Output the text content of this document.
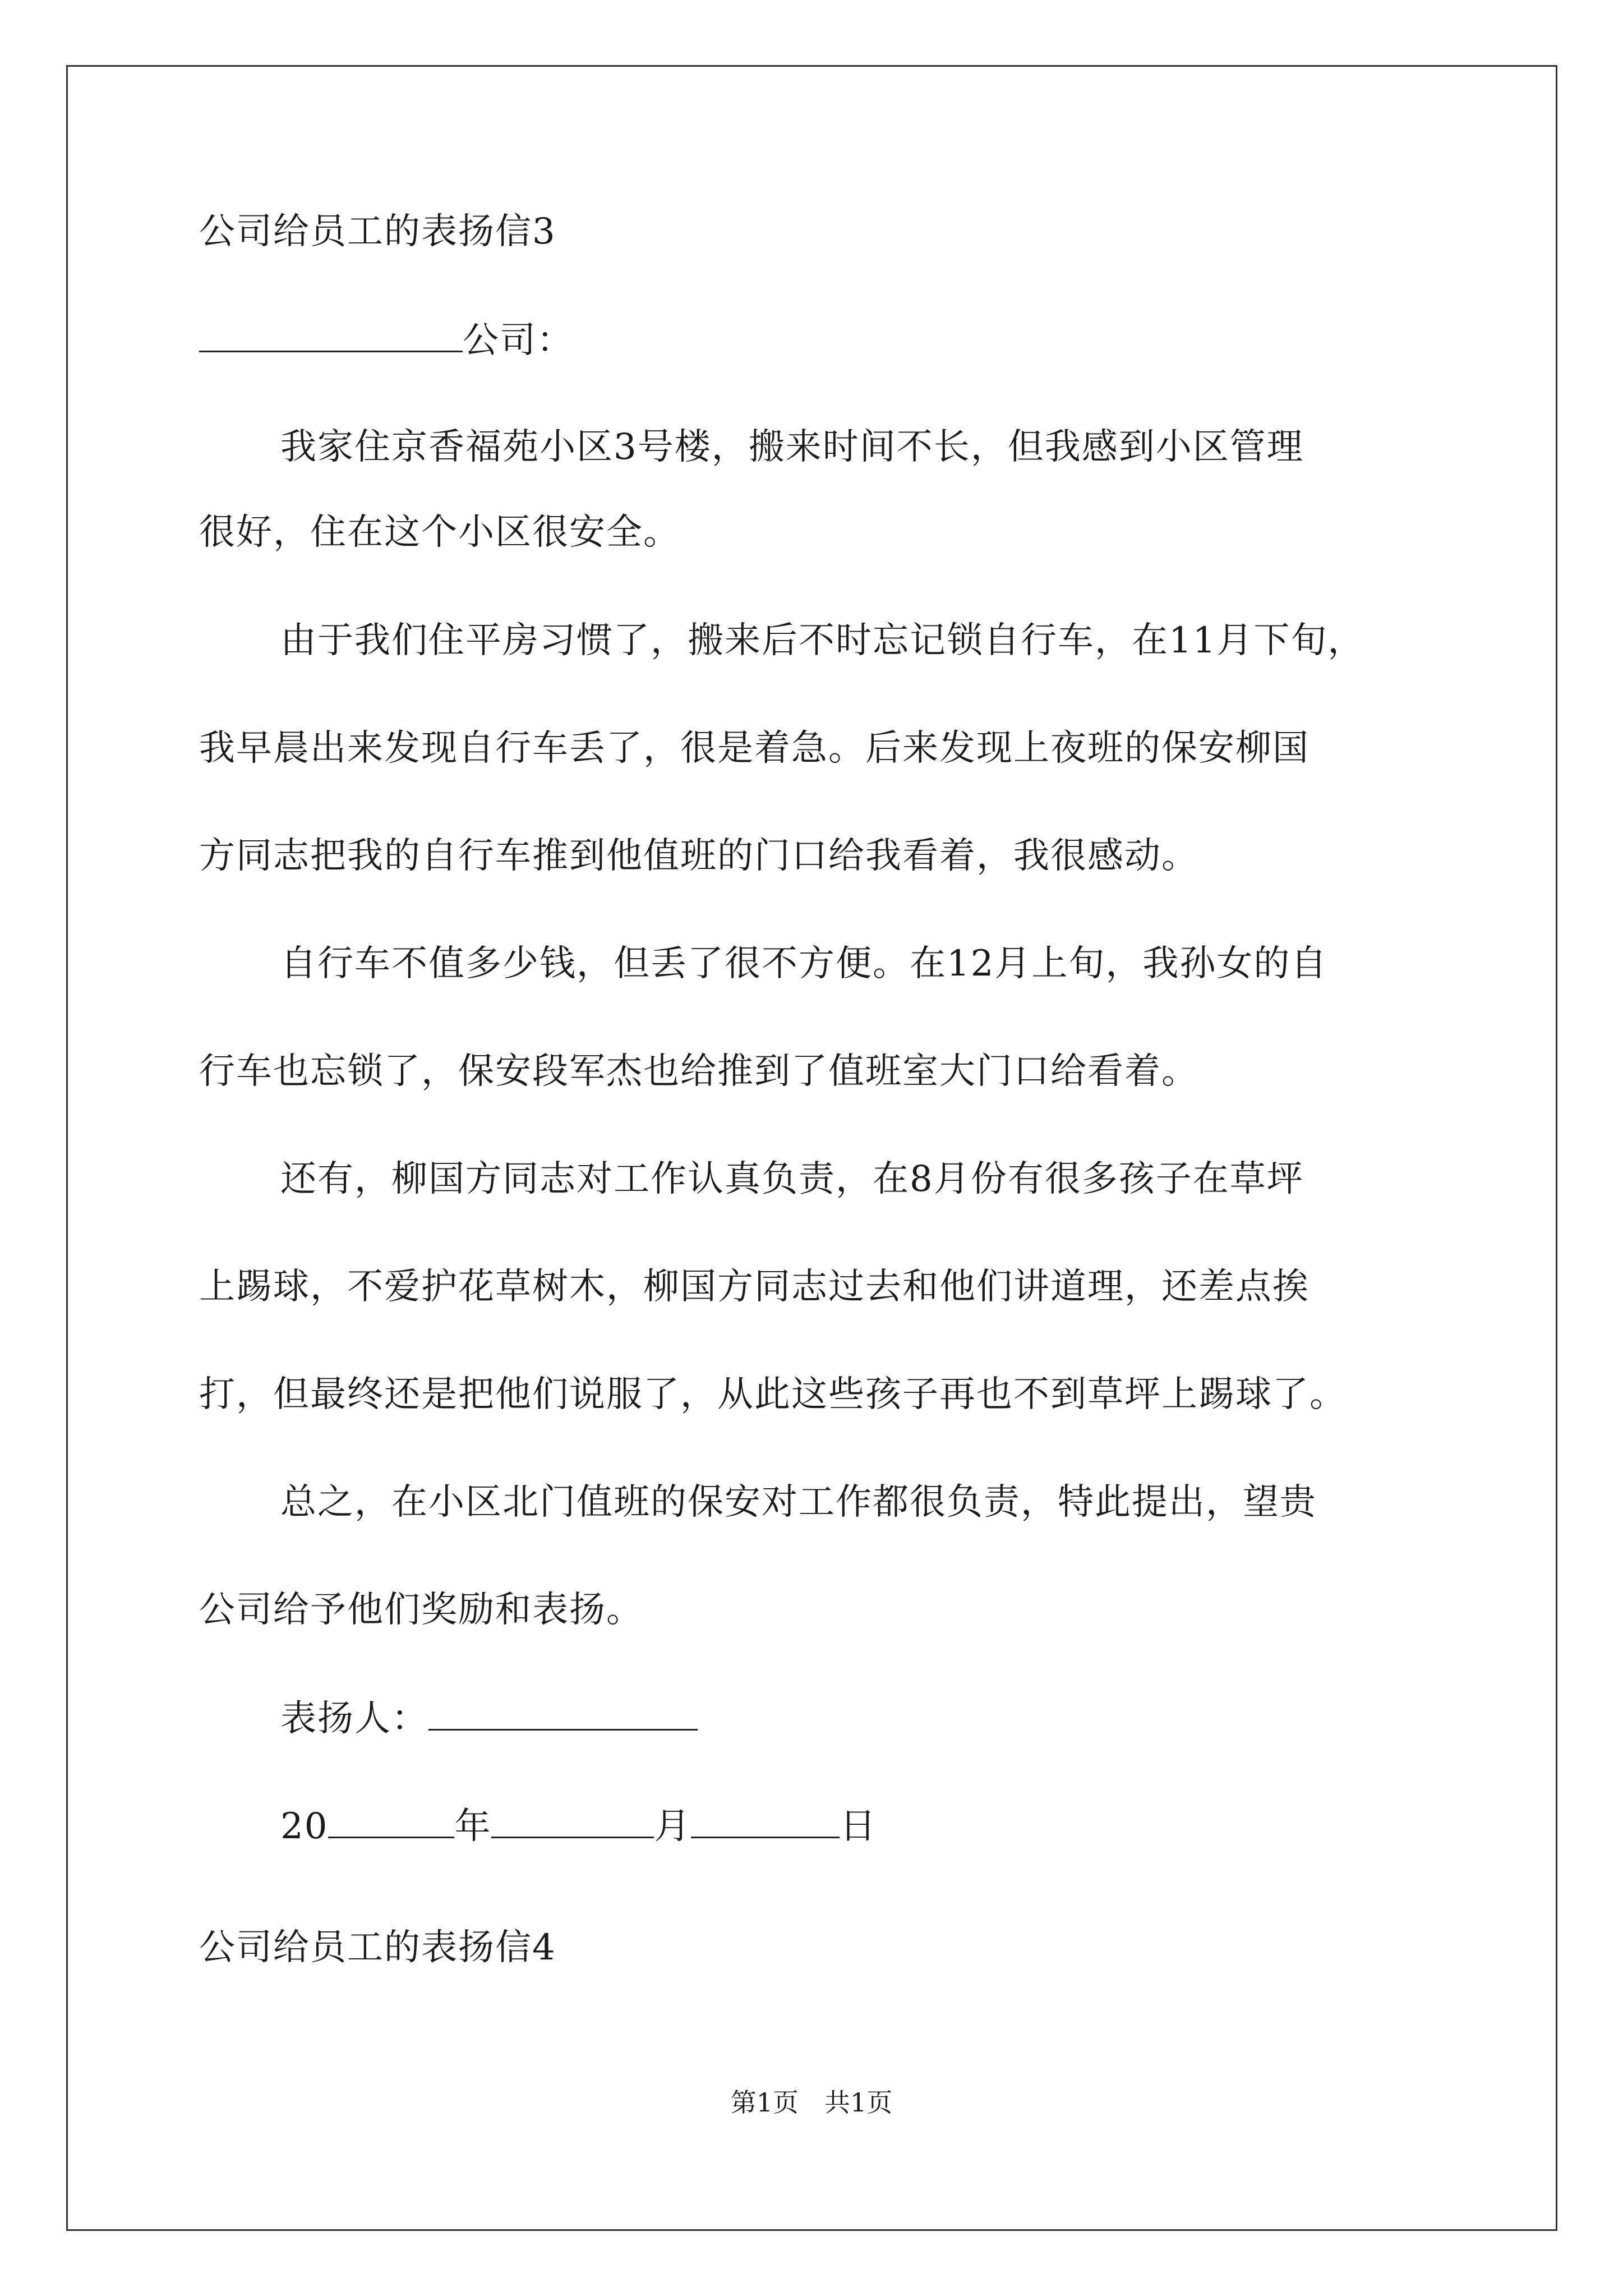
公司给员工的表扬信3
公司：
我家住京香福苑小区3号楼，搬来时间不长，但我感到小区管理
很好，住在这个小区很安全。
由于我们住平房习惯了，搬来后不时忘记锁自行车，在11月下旬，
我早晨出来发现自行车丢了，很是着急。后来发现上夜班的保安柳国
方同志把我的自行车推到他值班的门口给我看着，我很感动。
自行车不值多少钱，但丢了很不方便。在12月上旬，我孙女的自
行车也忘锁了，保安段军杰也给推到了值班室大门口给看着。
还有，柳国方同志对工作认真负责，在8月份有很多孩子在草坪
上踢球，不爱护花草树木，柳国方同志过去和他们讲道理，还差点挨
打，但最终还是把他们说服了，从此这些孩子再也不到草坪上踢球了。
总之，在小区北门值班的保安对工作都很负责，特此提出，望贵
公司给予他们奖励和表扬。
表扬人：
20	年	月	日
公司给员工的表扬信4
第1页　共1页
